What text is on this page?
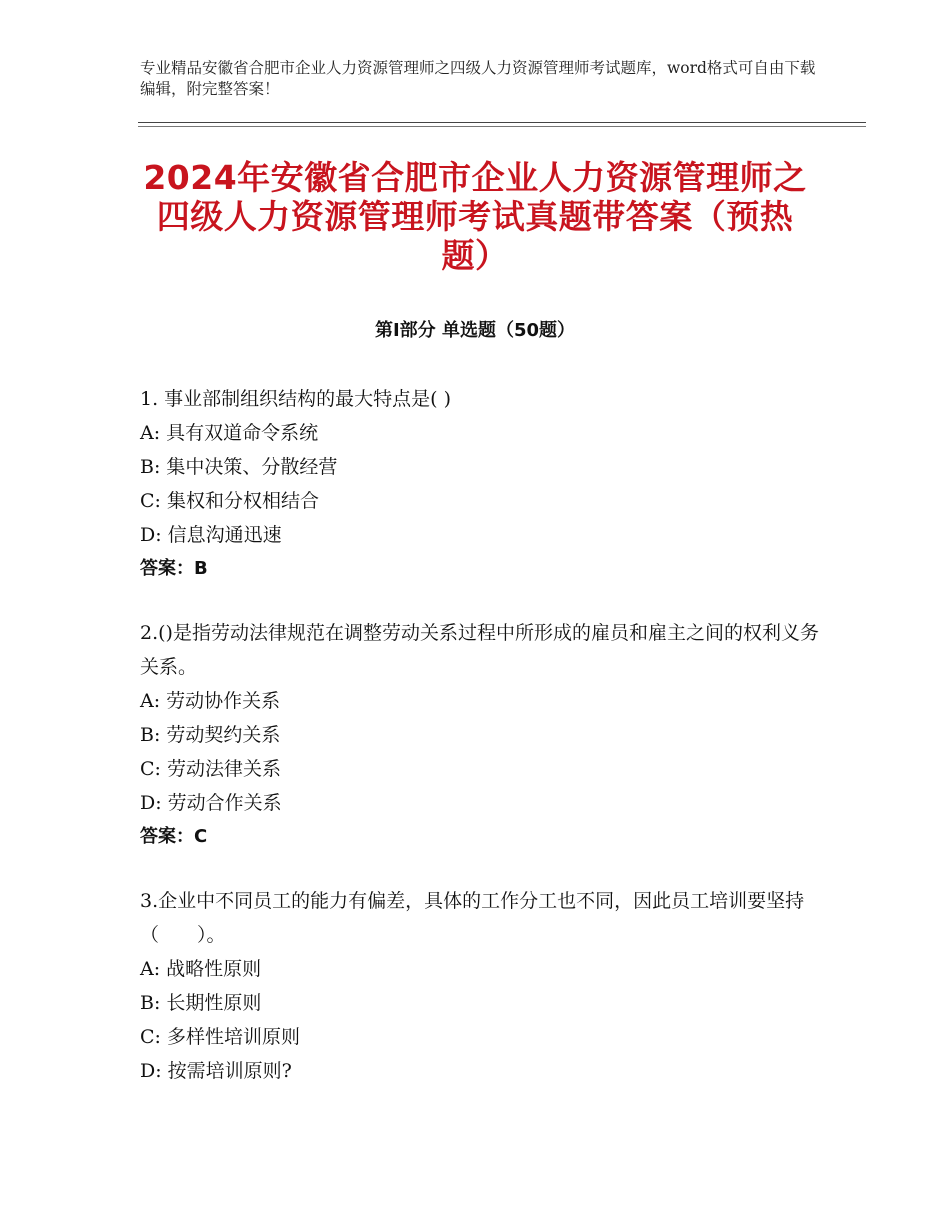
专业精品安徽省合肥市企业人力资源管理师之四级人力资源管理师考试题库，word格式可自由下载编辑，附完整答案！
2024年安徽省合肥市企业人力资源管理师之四级人力资源管理师考试真题带答案（预热题）
第Ⅰ部分 单选题（50题）

1. 事业部制组织结构的最大特点是( )

A: 具有双道命令系统

B: 集中决策、分散经营

C: 集权和分权相结合

D: 信息沟通迅速

答案：B

2.()是指劳动法律规范在调整劳动关系过程中所形成的雇员和雇主之间的权利义务关系。

A: 劳动协作关系

B: 劳动契约关系

C: 劳动法律关系

D: 劳动合作关系

答案：C

3.企业中不同员工的能力有偏差，具体的工作分工也不同，因此员工培训要坚持（　　）。

A: 战略性原则

B: 长期性原则

C: 多样性培训原则

D: 按需培训原则?
